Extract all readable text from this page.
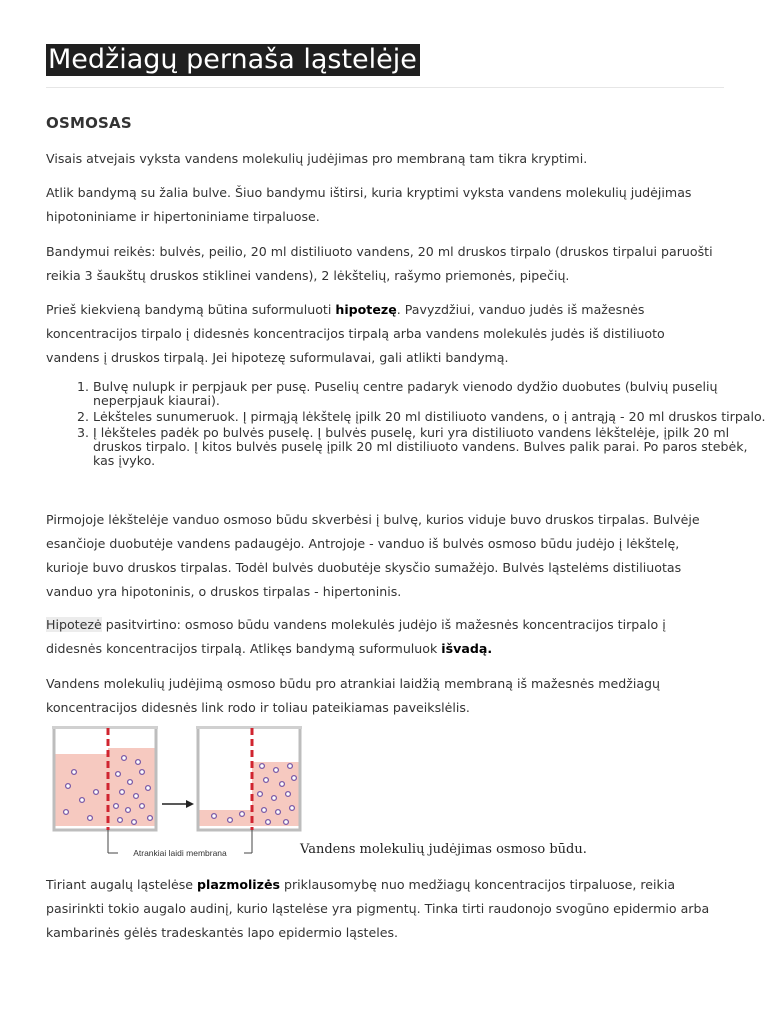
Medžiagų pernaša ląstelėje
OSMOSAS
Visais atvejais vyksta vandens molekulių judėjimas pro membraną tam tikra kryptimi.
Atlik bandymą su žalia bulve. Šiuo bandymu ištirsi, kuria kryptimi vyksta vandens molekulių judėjimas hipotoniniame ir hipertoniniame tirpaluose.
Bandymui reikės: bulvės, peilio, 20 ml distiliuoto vandens, 20 ml druskos tirpalo (druskos tirpalui paruošti reikia 3 šaukštų druskos stiklinei vandens), 2 lėkštelių, rašymo priemonės, pipečių.
Prieš kiekvieną bandymą būtina suformuluoti hipotezę. Pavyzdžiui, vanduo judės iš mažesnės koncentracijos tirpalo į didesnės koncentracijos tirpalą arba vandens molekulės judės iš distiliuoto vandens į druskos tirpalą. Jei hipotezę suformulavai, gali atlikti bandymą.
1. Bulvę nulupk ir perpjauk per pusę. Puselių centre padaryk vienodo dydžio duobutes (bulvių puselių neperpjauk kiaurai).
2. Lėkšteles sunumeruok. Į pirmąją lėkštelę įpilk 20 ml distiliuoto vandens, o į antrąją - 20 ml druskos tirpalo.
3. Į lėkšteles padėk po bulvės puselę. Į bulvės puselę, kuri yra distiliuoto vandens lėkštelėje, įpilk 20 ml druskos tirpalo. Į kitos bulvės puselę įpilk 20 ml distiliuoto vandens. Bulves palik parai. Po paros stebėk, kas įvyko.
Pirmojoje lėkštelėje vanduo osmoso būdu skverbėsi į bulvę, kurios viduje buvo druskos tirpalas. Bulvėje esančioje duobutėje vandens padaugėjo. Antrojoje - vanduo iš bulvės osmoso būdu judėjo į lėkštelę, kurioje buvo druskos tirpalas. Todėl bulvės duobutėje skysčio sumažėjo. Bulvės ląstelėms distiliuotas vanduo yra hipotoninis, o druskos tirpalas - hipertoninis.
Hipotezė pasitvirtino: osmoso būdu vandens molekulės judėjo iš mažesnės koncentracijos tirpalo į didesnės koncentracijos tirpalą. Atlikęs bandymą suformuluok išvadą.
Vandens molekulių judėjimą osmoso būdu pro atrankiai laidžią membraną iš mažesnės medžiagų koncentracijos didesnės link rodo ir toliau pateikiamas paveikslėlis.
Atrankiai laidi membrana	Vandens molekulių judėjimas osmoso būdu.
Tiriant augalų ląstelėse plazmolizės priklausomybę nuo medžiagų koncentracijos tirpaluose, reikia pasirinkti tokio augalo audinį, kurio ląstelėse yra pigmentų. Tinka tirti raudonojo svogūno epidermio arba kambarinės gėlės tradeskantės lapo epidermio ląsteles.
